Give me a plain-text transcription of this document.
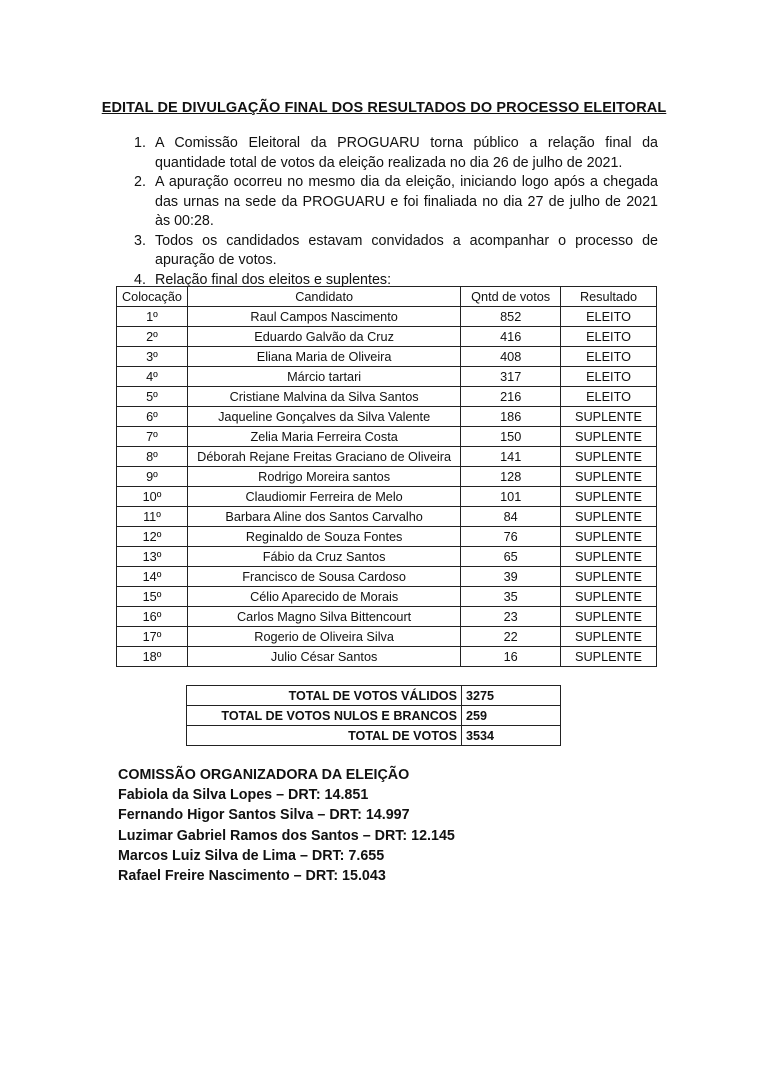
EDITAL DE DIVULGAÇÃO FINAL DOS RESULTADOS DO PROCESSO ELEITORAL
1. A Comissão Eleitoral da PROGUARU torna público a relação final da quantidade total de votos da eleição realizada no dia 26 de julho de 2021.
2. A apuração ocorreu no mesmo dia da eleição, iniciando logo após a chegada das urnas na sede da PROGUARU e foi finaliada no dia 27 de julho de 2021 às 00:28.
3. Todos os candidados estavam convidados a acompanhar o processo de apuração de votos.
4. Relação final dos eleitos e suplentes:
Colocação	Candidato	Qntd de votos	Resultado
1º	Raul Campos Nascimento	852	ELEITO
2º	Eduardo Galvão da Cruz	416	ELEITO
3º	Eliana Maria de Oliveira	408	ELEITO
4º	Márcio tartari	317	ELEITO
5º	Cristiane Malvina da Silva Santos	216	ELEITO
6º	Jaqueline Gonçalves da Silva Valente	186	SUPLENTE
7º	Zelia Maria Ferreira Costa	150	SUPLENTE
8º	Déborah Rejane Freitas Graciano de Oliveira	141	SUPLENTE
9º	Rodrigo Moreira santos	128	SUPLENTE
10º	Claudiomir Ferreira de Melo	101	SUPLENTE
11º	Barbara Aline dos Santos Carvalho	84	SUPLENTE
12º	Reginaldo de Souza Fontes	76	SUPLENTE
13º	Fábio da Cruz Santos	65	SUPLENTE
14º	Francisco de Sousa Cardoso	39	SUPLENTE
15º	Célio Aparecido de Morais	35	SUPLENTE
16º	Carlos Magno Silva Bittencourt	23	SUPLENTE
17º	Rogerio de Oliveira Silva	22	SUPLENTE
18º	Julio César Santos	16	SUPLENTE
TOTAL DE VOTOS VÁLIDOS	3275
TOTAL DE VOTOS NULOS E BRANCOS	259
TOTAL DE VOTOS	3534
COMISSÃO ORGANIZADORA DA ELEIÇÃO
Fabiola da Silva Lopes – DRT: 14.851
Fernando Higor Santos Silva – DRT: 14.997
Luzimar Gabriel Ramos dos Santos – DRT: 12.145
Marcos Luiz Silva de Lima – DRT: 7.655
Rafael Freire Nascimento – DRT: 15.043
